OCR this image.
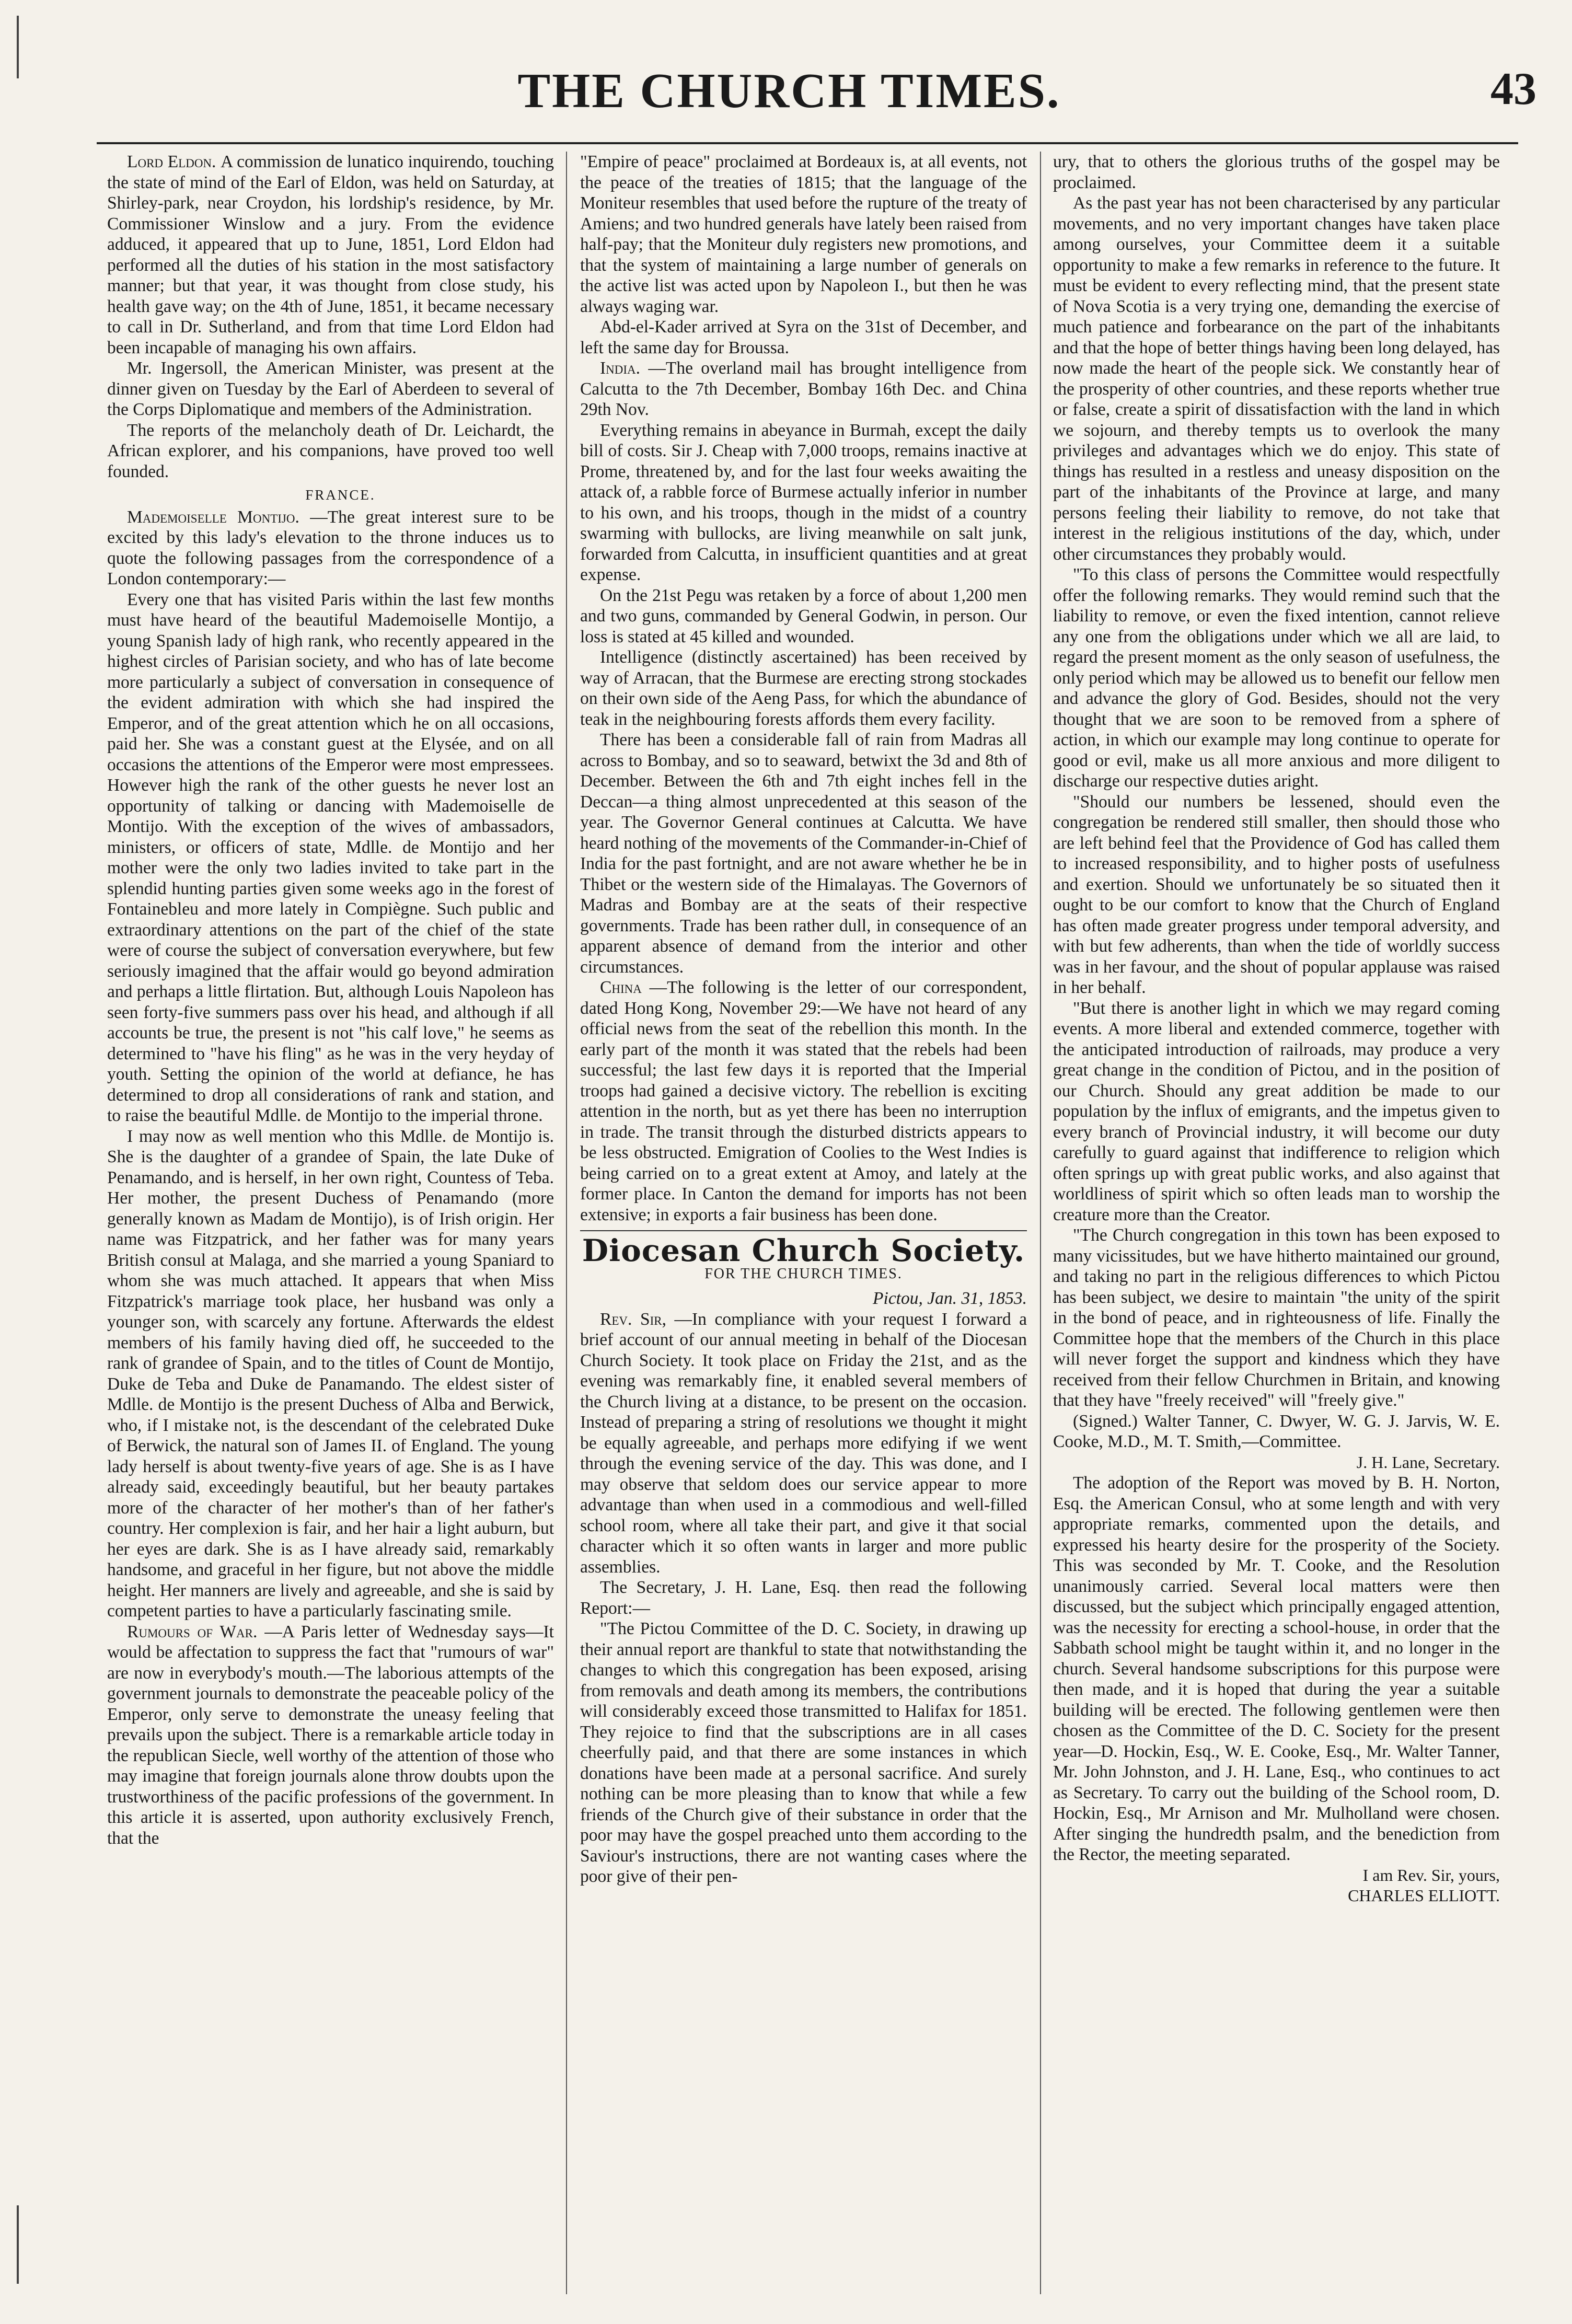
THE CHURCH TIMES.	43

Lord Eldon. A commission de lunatico inquirendo, touching the state of mind of the Earl of Eldon, was held on Saturday, at Shirley-park, near Croydon, his lordship's residence, by Mr. Commissioner Winslow and a jury. From the evidence adduced, it appeared that up to June, 1851, Lord Eldon had performed all the duties of his station in the most satisfactory manner; but that year, it was thought from close study, his health gave way; on the 4th of June, 1851, it became necessary to call in Dr. Sutherland, and from that time Lord Eldon had been incapable of managing his own affairs.

Mr. Ingersoll, the American Minister, was present at the dinner given on Tuesday by the Earl of Aberdeen to several of the Corps Diplomatique and members of the Administration.

The reports of the melancholy death of Dr. Leichardt, the African explorer, and his companions, have proved too well founded.

FRANCE.

Mademoiselle Montijo. —The great interest sure to be excited by this lady's elevation to the throne induces us to quote the following passages from the correspondence of a London contemporary:—

Every one that has visited Paris within the last few months must have heard of the beautiful Mademoiselle Montijo, a young Spanish lady of high rank, who recently appeared in the highest circles of Parisian society, and who has of late become more particularly a subject of conversation in consequence of the evident admiration with which she had inspired the Emperor, and of the great attention which he on all occasions, paid her. She was a constant guest at the Elysée, and on all occasions the attentions of the Emperor were most empressees. However high the rank of the other guests he never lost an opportunity of talking or dancing with Mademoiselle de Montijo. With the exception of the wives of ambassadors, ministers, or officers of state, Mdlle. de Montijo and her mother were the only two ladies invited to take part in the splendid hunting parties given some weeks ago in the forest of Fontainebleu and more lately in Compiègne. Such public and extraordinary attentions on the part of the chief of the state were of course the subject of conversation everywhere, but few seriously imagined that the affair would go beyond admiration and perhaps a little flirtation. But, although Louis Napoleon has seen forty-five summers pass over his head, and although if all accounts be true, the present is not "his calf love," he seems as determined to "have his fling" as he was in the very heyday of youth. Setting the opinion of the world at defiance, he has determined to drop all considerations of rank and station, and to raise the beautiful Mdlle. de Montijo to the imperial throne.

I may now as well mention who this Mdlle. de Montijo is. She is the daughter of a grandee of Spain, the late Duke of Penamando, and is herself, in her own right, Countess of Teba. Her mother, the present Duchess of Penamando (more generally known as Madam de Montijo), is of Irish origin. Her name was Fitzpatrick, and her father was for many years British consul at Malaga, and she married a young Spaniard to whom she was much attached. It appears that when Miss Fitzpatrick's marriage took place, her husband was only a younger son, with scarcely any fortune. Afterwards the eldest members of his family having died off, he succeeded to the rank of grandee of Spain, and to the titles of Count de Montijo, Duke de Teba and Duke de Panamando. The eldest sister of Mdlle. de Montijo is the present Duchess of Alba and Berwick, who, if I mistake not, is the descendant of the celebrated Duke of Berwick, the natural son of James II. of England. The young lady herself is about twenty-five years of age. She is as I have already said, exceedingly beautiful, but her beauty partakes more of the character of her mother's than of her father's country. Her complexion is fair, and her hair a light auburn, but her eyes are dark. She is as I have already said, remarkably handsome, and graceful in her figure, but not above the middle height. Her manners are lively and agreeable, and she is said by competent parties to have a particularly fascinating smile.

Rumours of War. —A Paris letter of Wednesday says—It would be affectation to suppress the fact that "rumours of war" are now in everybody's mouth.—The laborious attempts of the government journals to demonstrate the peaceable policy of the Emperor, only serve to demonstrate the uneasy feeling that prevails upon the subject. There is a remarkable article today in the republican Siecle, well worthy of the attention of those who may imagine that foreign journals alone throw doubts upon the trustworthiness of the pacific professions of the government. In this article it is asserted, upon authority exclusively French, that the

"Empire of peace" proclaimed at Bordeaux is, at all events, not the peace of the treaties of 1815; that the language of the Moniteur resembles that used before the rupture of the treaty of Amiens; and two hundred generals have lately been raised from half-pay; that the Moniteur duly registers new promotions, and that the system of maintaining a large number of generals on the active list was acted upon by Napoleon I., but then he was always waging war.

Abd-el-Kader arrived at Syra on the 31st of December, and left the same day for Broussa.

India. —The overland mail has brought intelligence from Calcutta to the 7th December, Bombay 16th Dec. and China 29th Nov.

Everything remains in abeyance in Burmah, except the daily bill of costs. Sir J. Cheap with 7,000 troops, remains inactive at Prome, threatened by, and for the last four weeks awaiting the attack of, a rabble force of Burmese actually inferior in number to his own, and his troops, though in the midst of a country swarming with bullocks, are living meanwhile on salt junk, forwarded from Calcutta, in insufficient quantities and at great expense.

On the 21st Pegu was retaken by a force of about 1,200 men and two guns, commanded by General Godwin, in person. Our loss is stated at 45 killed and wounded.

Intelligence (distinctly ascertained) has been received by way of Arracan, that the Burmese are erecting strong stockades on their own side of the Aeng Pass, for which the abundance of teak in the neighbouring forests affords them every facility.

There has been a considerable fall of rain from Madras all across to Bombay, and so to seaward, betwixt the 3d and 8th of December. Between the 6th and 7th eight inches fell in the Deccan—a thing almost unprecedented at this season of the year. The Governor General continues at Calcutta. We have heard nothing of the movements of the Commander-in-Chief of India for the past fortnight, and are not aware whether he be in Thibet or the western side of the Himalayas. The Governors of Madras and Bombay are at the seats of their respective governments. Trade has been rather dull, in consequence of an apparent absence of demand from the interior and other circumstances.

China —The following is the letter of our correspondent, dated Hong Kong, November 29:—We have not heard of any official news from the seat of the rebellion this month. In the early part of the month it was stated that the rebels had been successful; the last few days it is reported that the Imperial troops had gained a decisive victory. The rebellion is exciting attention in the north, but as yet there has been no interruption in trade. The transit through the disturbed districts appears to be less obstructed. Emigration of Coolies to the West Indies is being carried on to a great extent at Amoy, and lately at the former place. In Canton the demand for imports has not been extensive; in exports a fair business has been done.

Diocesan Church Society.
FOR THE CHURCH TIMES.
Pictou, Jan. 31, 1853.

Rev. Sir, —In compliance with your request I forward a brief account of our annual meeting in behalf of the Diocesan Church Society. It took place on Friday the 21st, and as the evening was remarkably fine, it enabled several members of the Church living at a distance, to be present on the occasion. Instead of preparing a string of resolutions we thought it might be equally agreeable, and perhaps more edifying if we went through the evening service of the day. This was done, and I may observe that seldom does our service appear to more advantage than when used in a commodious and well-filled school room, where all take their part, and give it that social character which it so often wants in larger and more public assemblies.

The Secretary, J. H. Lane, Esq. then read the following Report:—

"The Pictou Committee of the D. C. Society, in drawing up their annual report are thankful to state that notwithstanding the changes to which this congregation has been exposed, arising from removals and death among its members, the contributions will considerably exceed those transmitted to Halifax for 1851. They rejoice to find that the subscriptions are in all cases cheerfully paid, and that there are some instances in which donations have been made at a personal sacrifice. And surely nothing can be more pleasing than to know that while a few friends of the Church give of their substance in order that the poor may have the gospel preached unto them according to the Saviour's instructions, there are not wanting cases where the poor give of their pen-

ury, that to others the glorious truths of the gospel may be proclaimed.

As the past year has not been characterised by any particular movements, and no very important changes have taken place among ourselves, your Committee deem it a suitable opportunity to make a few remarks in reference to the future. It must be evident to every reflecting mind, that the present state of Nova Scotia is a very trying one, demanding the exercise of much patience and forbearance on the part of the inhabitants and that the hope of better things having been long delayed, has now made the heart of the people sick. We constantly hear of the prosperity of other countries, and these reports whether true or false, create a spirit of dissatisfaction with the land in which we sojourn, and thereby tempts us to overlook the many privileges and advantages which we do enjoy. This state of things has resulted in a restless and uneasy disposition on the part of the inhabitants of the Province at large, and many persons feeling their liability to remove, do not take that interest in the religious institutions of the day, which, under other circumstances they probably would.

"To this class of persons the Committee would respectfully offer the following remarks. They would remind such that the liability to remove, or even the fixed intention, cannot relieve any one from the obligations under which we all are laid, to regard the present moment as the only season of usefulness, the only period which may be allowed us to benefit our fellow men and advance the glory of God. Besides, should not the very thought that we are soon to be removed from a sphere of action, in which our example may long continue to operate for good or evil, make us all more anxious and more diligent to discharge our respective duties aright.

"Should our numbers be lessened, should even the congregation be rendered still smaller, then should those who are left behind feel that the Providence of God has called them to increased responsibility, and to higher posts of usefulness and exertion. Should we unfortunately be so situated then it ought to be our comfort to know that the Church of England has often made greater progress under temporal adversity, and with but few adherents, than when the tide of worldly success was in her favour, and the shout of popular applause was raised in her behalf.

"But there is another light in which we may regard coming events. A more liberal and extended commerce, together with the anticipated introduction of railroads, may produce a very great change in the condition of Pictou, and in the position of our Church. Should any great addition be made to our population by the influx of emigrants, and the impetus given to every branch of Provincial industry, it will become our duty carefully to guard against that indifference to religion which often springs up with great public works, and also against that worldliness of spirit which so often leads man to worship the creature more than the Creator.

"The Church congregation in this town has been exposed to many vicissitudes, but we have hitherto maintained our ground, and taking no part in the religious differences to which Pictou has been subject, we desire to maintain "the unity of the spirit in the bond of peace, and in righteousness of life. Finally the Committee hope that the members of the Church in this place will never forget the support and kindness which they have received from their fellow Churchmen in Britain, and knowing that they have "freely received" will "freely give."

(Signed.) Walter Tanner, C. Dwyer, W. G. J. Jarvis, W. E. Cooke, M.D., M. T. Smith,—Committee.

J. H. Lane, Secretary.

The adoption of the Report was moved by B. H. Norton, Esq. the American Consul, who at some length and with very appropriate remarks, commented upon the details, and expressed his hearty desire for the prosperity of the Society. This was seconded by Mr. T. Cooke, and the Resolution unanimously carried. Several local matters were then discussed, but the subject which principally engaged attention, was the necessity for erecting a school-house, in order that the Sabbath school might be taught within it, and no longer in the church. Several handsome subscriptions for this purpose were then made, and it is hoped that during the year a suitable building will be erected. The following gentlemen were then chosen as the Committee of the D. C. Society for the present year—D. Hockin, Esq., W. E. Cooke, Esq., Mr. Walter Tanner, Mr. John Johnston, and J. H. Lane, Esq., who continues to act as Secretary. To carry out the building of the School room, D. Hockin, Esq., Mr Arnison and Mr. Mulholland were chosen. After singing the hundredth psalm, and the benediction from the Rector, the meeting separated.

I am Rev. Sir, yours,

CHARLES ELLIOTT.
